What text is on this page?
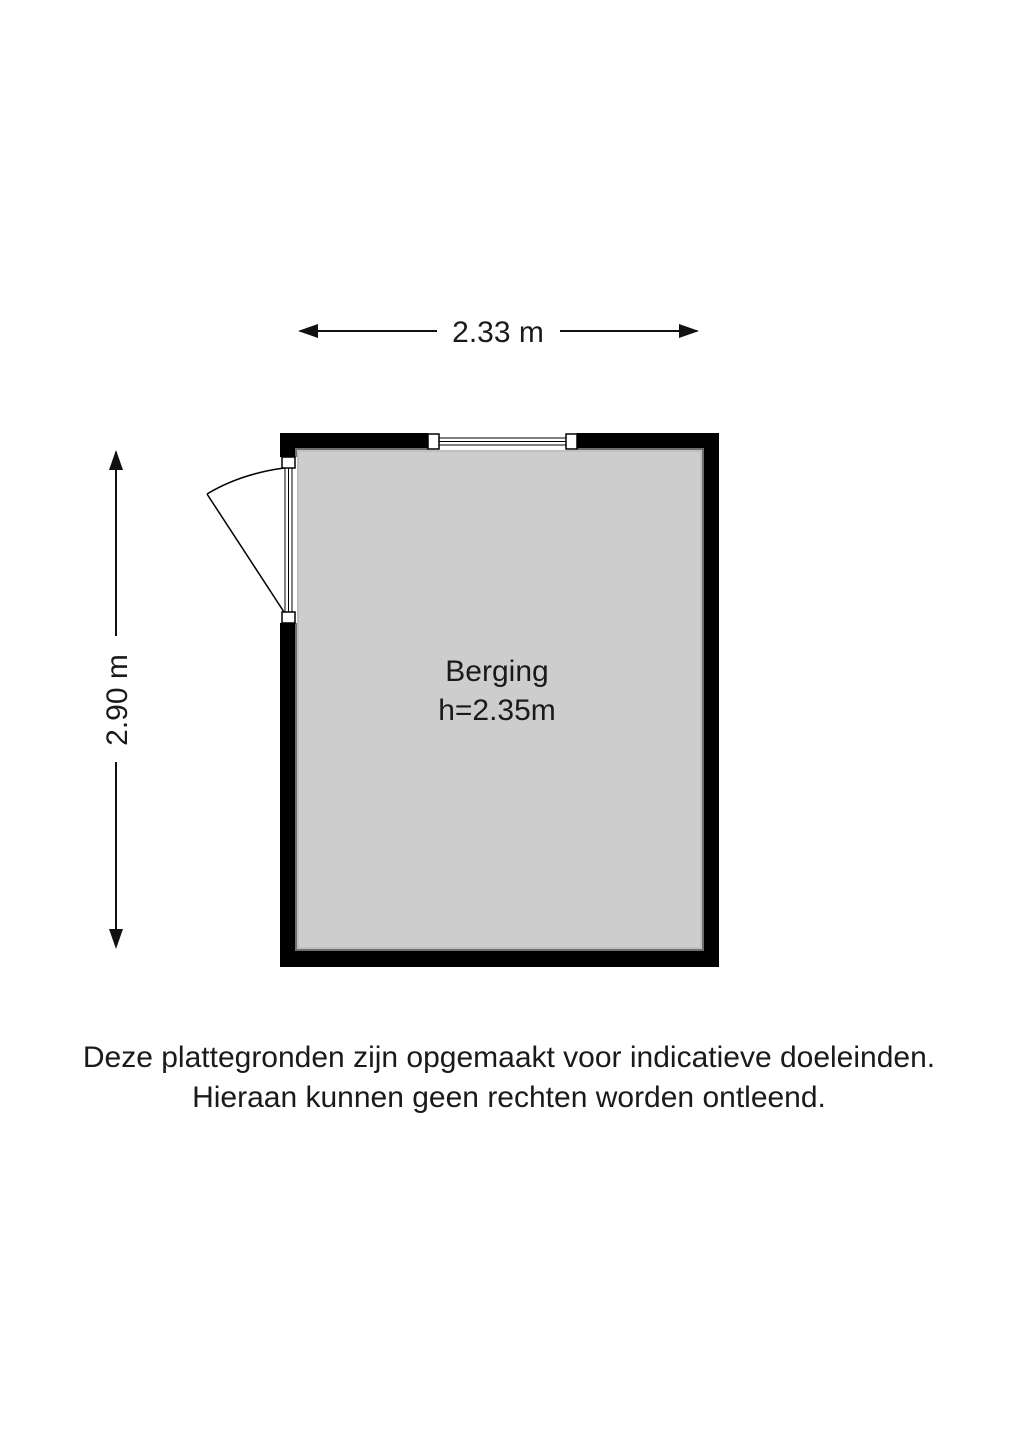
2.33 m
2.90 m	Berging
h=2.35m
Deze plattegronden zijn opgemaakt voor indicatieve doeleinden.
Hieraan kunnen geen rechten worden ontleend.
